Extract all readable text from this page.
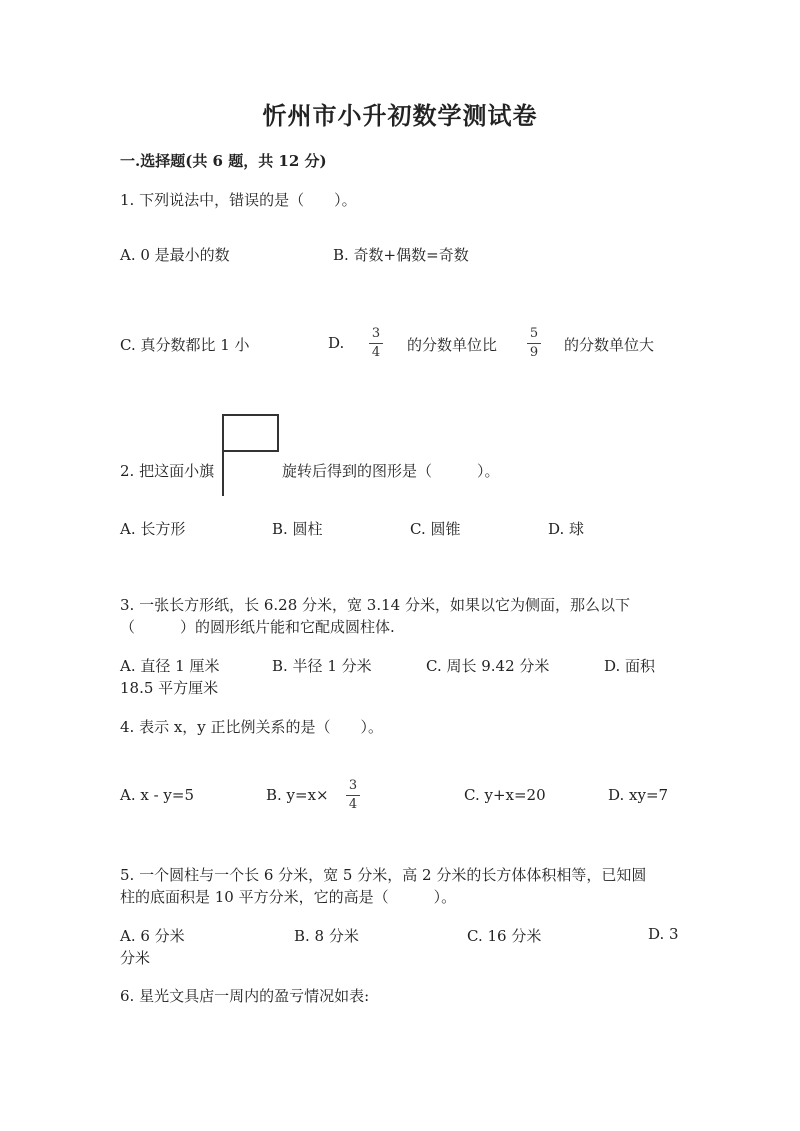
忻州市小升初数学测试卷
一.选择题(共 6 题，共 12 分)
1. 下列说法中，错误的是（　　）。
A. 0 是最小的数	B. 奇数+偶数=奇数
C. 真分数都比 1 小	D.
3
4 的分数单位比
5
9 的分数单位大
2. 把这面小旗	旋转后得到的图形是（　　　）。
A. 长方形	B. 圆柱	C. 圆锥	D. 球
3. 一张长方形纸，长 6.28 分米，宽 3.14 分米，如果以它为侧面，那么以下
（　　　）的圆形纸片能和它配成圆柱体.
A. 直径 1 厘米	B. 半径 1 分米	C. 周长 9.42 分米	D. 面积
18.5 平方厘米
4. 表示 x，y 正比例关系的是（　　）。
A. x - y=5	B. y=x×
3
4
C. y+x=20	D. xy=7
5. 一个圆柱与一个长 6 分米，宽 5 分米，高 2 分米的长方体体积相等，已知圆
柱的底面积是 10 平方分米，它的高是（　　　）。
A. 6 分米	B. 8 分米	C. 16 分米	D. 3
分米
6. 星光文具店一周内的盈亏情况如表:
